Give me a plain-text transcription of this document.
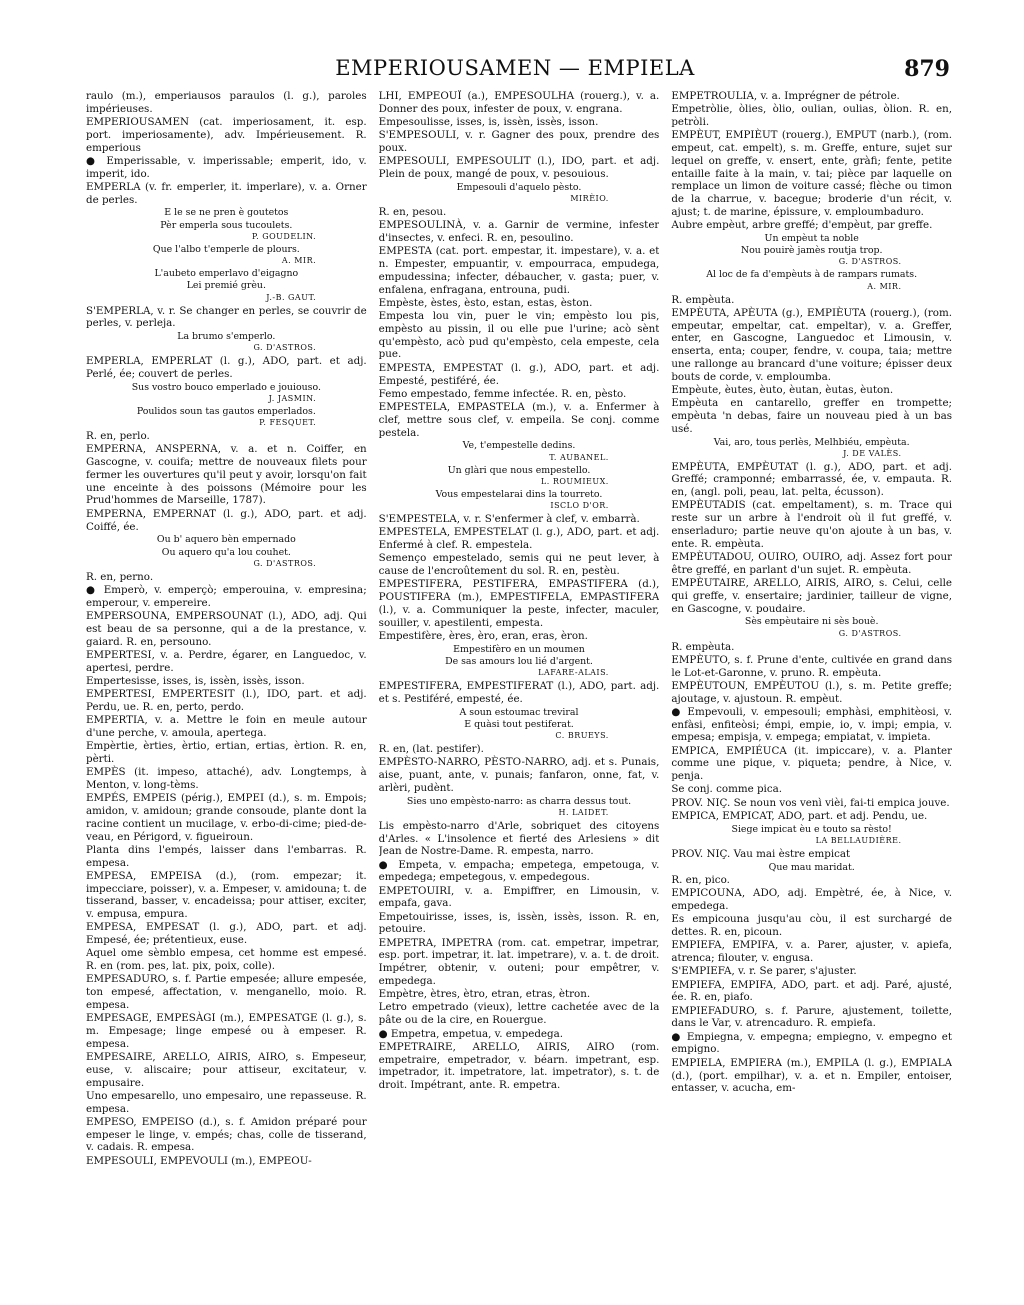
EMPERIOUSAMEN — EMPIELA	879

raulo (m.), emperiausos paraulos (l. g.), paroles impérieuses.

EMPERIOUSAMEN (cat. imperiosament, it. esp. port. imperiosamente), adv. Impérieusement. R. emperious

● Emperissable, v. imperissable; emperit, ido, v. imperit, ido.

EMPERLA (v. fr. emperler, it. imperlare), v. a. Orner de perles.

E le se ne pren è goutetos
Pèr emperla sous tucoulets.
P. GOUDELIN.
Que l'albo t'emperle de plours.
A. MIR.
L'aubeto emperlavo d'eigagno
Lei premié grèu.
J.-B. GAUT.

S'EMPERLA, v. r. Se changer en perles, se couvrir de perles, v. perleja.

La brumo s'emperlo.
G. D'ASTROS.

EMPERLA, EMPERLAT (l. g.), ADO, part. et adj. Perlé, ée; couvert de perles.

Sus vostro bouco emperlado e jouiouso.
J. JASMIN.
Poulidos soun tas gautos emperlados.
P. FESQUET.

R. en, perlo.

EMPERNA, ANSPERNA, v. a. et n. Coiffer, en Gascogne, v. couifa; mettre de nouveaux filets pour fermer les ouvertures qu'il peut y avoir, lorsqu'on fait une enceinte à des poissons (Mémoire pour les Prud'hommes de Marseille, 1787).

EMPERNA, EMPERNAT (l. g.), ADO, part. et adj. Coiffé, ée.

Ou b' aquero bèn empernado
Ou aquero qu'a lou couhet.
G. D'ASTROS.

R. en, perno.

● Emperò, v. emperçò; emperouina, v. empresina; emperour, v. empereire.

EMPERSOUNA, EMPERSOUNAT (l.), ADO, adj. Qui est beau de sa personne, qui a de la prestance, v. gaiard. R. en, persouno.

EMPERTESI, v. a. Perdre, égarer, en Languedoc, v. apertesi, perdre.

Empertesisse, isses, is, issèn, issès, isson.

EMPERTESI, EMPERTESIT (l.), IDO, part. et adj. Perdu, ue. R. en, perto, perdo.

EMPERTIA, v. a. Mettre le foin en meule autour d'une perche, v. amoula, apertega.

Empèrtie, èrties, èrtio, ertian, ertias, èrtion. R. en, pèrti.

EMPÈS (it. impeso, attaché), adv. Longtemps, à Menton, v. long-tèms.

EMPÉS, EMPEIS (périg.), EMPEI (d.), s. m. Empois; amidon, v. amidoun; grande consoude, plante dont la racine contient un mucilage, v. erbo-di-cime; pied-de-veau, en Périgord, v. figueiroun.

Planta dins l'empés, laisser dans l'embarras. R. empesa.

EMPESA, EMPEISA (d.), (rom. empezar; it. impecciare, poisser), v. a. Empeser, v. amidouna; t. de tisserand, basser, v. encadeissa; pour attiser, exciter, v. empusa, empura.

EMPESA, EMPESAT (l. g.), ADO, part. et adj. Empesé, ée; prétentieux, euse.

Aquel ome sèmblo empesa, cet homme est empesé. R. en (rom. pes, lat. pix, poix, colle).

EMPESADURO, s. f. Partie empesée; allure empesée, ton empesé, affectation, v. menganello, moio. R. empesa.

EMPESAGE, EMPESÀGI (m.), EMPESATGE (l. g.), s. m. Empesage; linge empesé ou à empeser. R. empesa.

EMPESAIRE, ARELLO, AIRIS, AIRO, s. Empeseur, euse, v. aliscaire; pour attiseur, excitateur, v. empusaire.

Uno empesarello, uno empesairo, une repasseuse. R. empesa.

EMPESO, EMPEISO (d.), s. f. Amidon préparé pour empeser le linge, v. empés; chas, colle de tisserand, v. cadais. R. empesa.

EMPESOULI, EMPEVOULI (m.), EMPEOU-

LHI, EMPEOUÏ (a.), EMPESOULHA (rouerg.), v. a. Donner des poux, infester de poux, v. engrana.

Empesoulisse, isses, is, issèn, issès, isson.

S'EMPESOULI, v. r. Gagner des poux, prendre des poux.

EMPESOULI, EMPESOULIT (l.), IDO, part. et adj. Plein de poux, mangé de poux, v. pesouious.

Empesouli d'aquelo pèsto.
MIRÈIO.

R. en, pesou.

EMPESOULINÀ, v. a. Garnir de vermine, infester d'insectes, v. enfeci. R. en, pesoulino.

EMPESTA (cat. port. empestar, it. impestare), v. a. et n. Empester, empuantir, v. empourraca, empudega, empudessina; infecter, débaucher, v. gasta; puer, v. enfalena, enfragana, entrouna, pudi.

Empèste, èstes, èsto, estan, estas, èston.

Empesta lou vin, puer le vin; empèsto lou pis, empèsto au pissin, il ou elle pue l'urine; acò sènt qu'empèsto, acò pud qu'empèsto, cela empeste, cela pue.

EMPESTA, EMPESTAT (l. g.), ADO, part. et adj. Empesté, pestiféré, ée.

Femo empestado, femme infectée. R. en, pèsto.

EMPESTELA, EMPASTELA (m.), v. a. Enfermer à clef, mettre sous clef, v. empeila. Se conj. comme pestela.

Ve, t'empestelle dedins.
T. AUBANEL.
Un glàri que nous empestello.
L. ROUMIEUX.
Vous empestelarai dins la tourreto.
ISCLO D'OR.

S'EMPESTELA, v. r. S'enfermer à clef, v. embarrà.

EMPESTELA, EMPESTELAT (l. g.), ADO, part. et adj. Enfermé à clef. R. empestela.

Semenço empestelado, semis qui ne peut lever, à cause de l'encroûtement du sol. R. en, pestèu.

EMPESTIFERA, PESTIFERA, EMPASTIFERA (d.), POUSTIFERA (m.), EMPESTIFELA, EMPASTIFERA (l.), v. a. Communiquer la peste, infecter, maculer, souiller, v. apestilenti, empesta.

Empestifère, ères, èro, eran, eras, èron.

Empestifèro en un moumen
De sas amours lou lié d'argent.
LAFARE-ALAIS.

EMPESTIFERA, EMPESTIFERAT (l.), ADO, part. adj. et s. Pestiféré, empesté, ée.

A soun estoumac treviral
E quàsi tout pestiferat.
C. BRUEYS.

R. en, (lat. pestifer).

EMPÈSTO-NARRO, PÈSTO-NARRO, adj. et s. Punais, aise, puant, ante, v. punais; fanfaron, onne, fat, v. arlèri, pudènt.

Sies uno empèsto-narro: as charra dessus tout.
H. LAIDET.

Lis empèsto-narro d'Arle, sobriquet des citoyens d'Arles. « L'insolence et fierté des Arlesiens » dit Jean de Nostre-Dame. R. empesta, narro.

● Empeta, v. empacha; empetega, empetouga, v. empedega; empetegous, v. empedegous.

EMPETOUIRI, v. a. Empiffrer, en Limousin, v. empafa, gava.

Empetouirisse, isses, is, issèn, issès, isson. R. en, petouire.

EMPETRA, IMPETRA (rom. cat. empetrar, impetrar, esp. port. impetrar, it. lat. impetrare), v. a. t. de droit. Impétrer, obtenir, v. outeni; pour empêtrer, v. empedega.

Empètre, ètres, ètro, etran, etras, ètron.

Letro empetrado (vieux), lettre cachetée avec de la pâte ou de la cire, en Rouergue.

● Empetra, empetua, v. empedega.

EMPETRAIRE, ARELLO, AIRIS, AIRO (rom. empetraire, empetrador, v. béarn. impetrant, esp. impetrador, it. impetratore, lat. impetrator), s. t. de droit. Impétrant, ante. R. empetra.

EMPETROULIA, v. a. Imprégner de pétrole.

Empetròlie, òlies, òlio, oulian, oulias, òlion. R. en, petròli.

EMPÈUT, EMPIÈUT (rouerg.), EMPUT (narb.), (rom. empeut, cat. empelt), s. m. Greffe, enture, sujet sur lequel on greffe, v. ensert, ente, gràfi; fente, petite entaille faite à la main, v. tai; pièce par laquelle on remplace un limon de voiture cassé; flèche ou timon de la charrue, v. bacegue; broderie d'un récit, v. ajust; t. de marine, épissure, v. emploumbaduro.

Aubre empèut, arbre greffé; d'empèut, par greffe.

Un empèut ta noble
Nou pouirè jamès routja trop.
G. D'ASTROS.
Al loc de fa d'empèuts à de rampars rumats.
A. MIR.

R. empèuta.

EMPÈUTA, APÈUTA (g.), EMPIÈUTA (rouerg.), (rom. empeutar, empeltar, cat. empeltar), v. a. Greffer, enter, en Gascogne, Languedoc et Limousin, v. enserta, enta; couper, fendre, v. coupa, taia; mettre une rallonge au brancard d'une voiture; épisser deux bouts de corde, v. emploumba.

Empèute, èutes, èuto, èutan, èutas, èuton.

Empèuta en cantarello, greffer en trompette; empèuta 'n debas, faire un nouveau pied à un bas usé.

Vai, aro, tous perlès, Melhbiéu, empèuta.
J. DE VALÈS.

EMPÈUTA, EMPÈUTAT (l. g.), ADO, part. et adj. Greffé; cramponné; embarrassé, ée, v. empauta. R. en, (angl. poli, peau, lat. pelta, écusson).

EMPÈUTADIS (cat. empeltament), s. m. Trace qui reste sur un arbre à l'endroit où il fut greffé, v. enserladuro; partie neuve qu'on ajoute à un bas, v. ente. R. empèuta.

EMPÈUTADOU, OUIRO, OUIRO, adj. Assez fort pour être greffé, en parlant d'un sujet. R. empèuta.

EMPÈUTAIRE, ARELLO, AIRIS, AIRO, s. Celui, celle qui greffe, v. ensertaire; jardinier, tailleur de vigne, en Gascogne, v. poudaire.

Sès empèutaire ni sès bouè.
G. D'ASTROS.

R. empèuta.

EMPÈUTO, s. f. Prune d'ente, cultivée en grand dans le Lot-et-Garonne, v. pruno. R. empèuta.

EMPÈUTOUN, EMPÈUTOU (l.), s. m. Petite greffe; ajoutage, v. ajustoun. R. empèut.

● Empevouli, v. empesouli; emphàsi, emphitèosi, v. enfàsi, enfiteòsi; émpi, empie, io, v. impi; empia, v. empesa; empisja, v. empega; empiatat, v. impieta.

EMPICA, EMPIÉUCA (it. impiccare), v. a. Planter comme une pique, v. piqueta; pendre, à Nice, v. penja.

Se conj. comme pica.

PROV. NIÇ. Se noun vos venì vièi, fai-ti empica jouve.

EMPICA, EMPICAT, ADO, part. et adj. Pendu, ue.

Siege impicat èu e touto sa rèsto!
LA BELLAUDIÈRE.

PROV. NIÇ. Vau mai èstre empicat

Que mau maridat.

R. en, pico.

EMPICOUNA, ADO, adj. Empètré, ée, à Nice, v. empedega.

Es empicouna jusqu'au còu, il est surchargé de dettes. R. en, picoun.

EMPIEFA, EMPIFA, v. a. Parer, ajuster, v. apiefa, atrenca; filouter, v. engusa.

S'EMPIEFA, v. r. Se parer, s'ajuster.

EMPIEFA, EMPIFA, ADO, part. et adj. Paré, ajusté, ée. R. en, piafo.

EMPIEFADURO, s. f. Parure, ajustement, toilette, dans le Var, v. atrencaduro. R. empiefa.

● Empiegna, v. empegna; empiegno, v. empegno et empigno.

EMPIELA, EMPIERA (m.), EMPILA (l. g.), EMPIALA (d.), (port. empilhar), v. a. et n. Empiler, entoiser, entasser, v. acucha, em-
